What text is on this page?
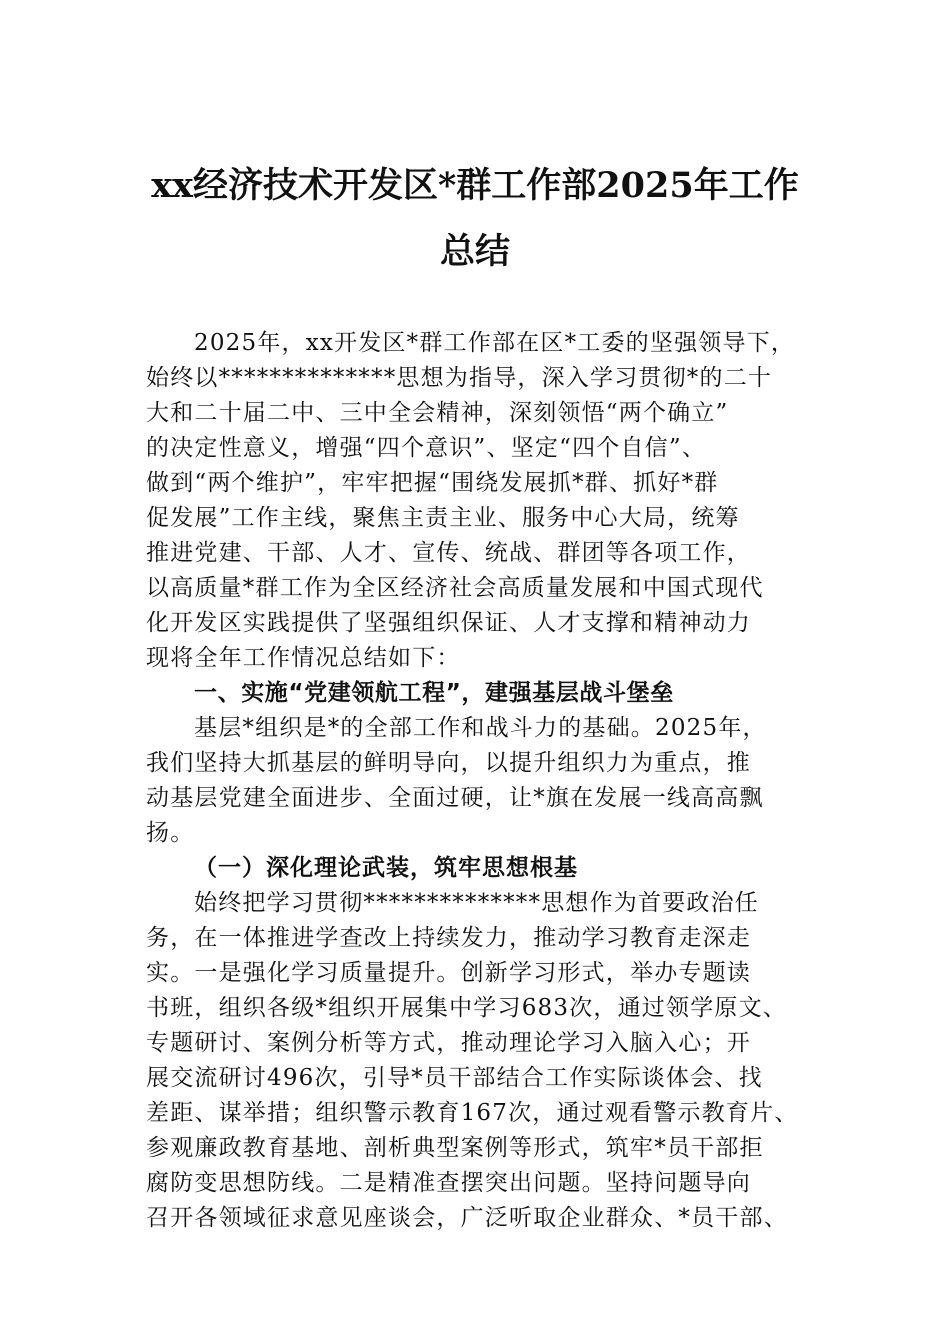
xx经济技术开发区*群工作部2025年工作
总结

2025年，xx开发区*群工作部在区*工委的坚强领导下，

始终以**************思想为指导，深入学习贯彻*的二十

大和二十届二中、三中全会精神，深刻领悟“两个确立”

的决定性意义，增强“四个意识”、坚定“四个自信”、

做到“两个维护”，牢牢把握“围绕发展抓*群、抓好*群

促发展”工作主线，聚焦主责主业、服务中心大局，统筹

推进党建、干部、人才、宣传、统战、群团等各项工作，

以高质量*群工作为全区经济社会高质量发展和中国式现代

化开发区实践提供了坚强组织保证、人才支撑和精神动力

现将全年工作情况总结如下：

一、实施“党建领航工程”，建强基层战斗堡垒

基层*组织是*的全部工作和战斗力的基础。2025年，

我们坚持大抓基层的鲜明导向，以提升组织力为重点，推

动基层党建全面进步、全面过硬，让*旗在发展一线高高飘

扬。

（一）深化理论武装，筑牢思想根基

始终把学习贯彻**************思想作为首要政治任

务，在一体推进学查改上持续发力，推动学习教育走深走

实。一是强化学习质量提升。创新学习形式，举办专题读

书班，组织各级*组织开展集中学习683次，通过领学原文、

专题研讨、案例分析等方式，推动理论学习入脑入心；开

展交流研讨496次，引导*员干部结合工作实际谈体会、找

差距、谋举措；组织警示教育167次，通过观看警示教育片、

参观廉政教育基地、剖析典型案例等形式，筑牢*员干部拒

腐防变思想防线。二是精准查摆突出问题。坚持问题导向

召开各领域征求意见座谈会，广泛听取企业群众、*员干部、
